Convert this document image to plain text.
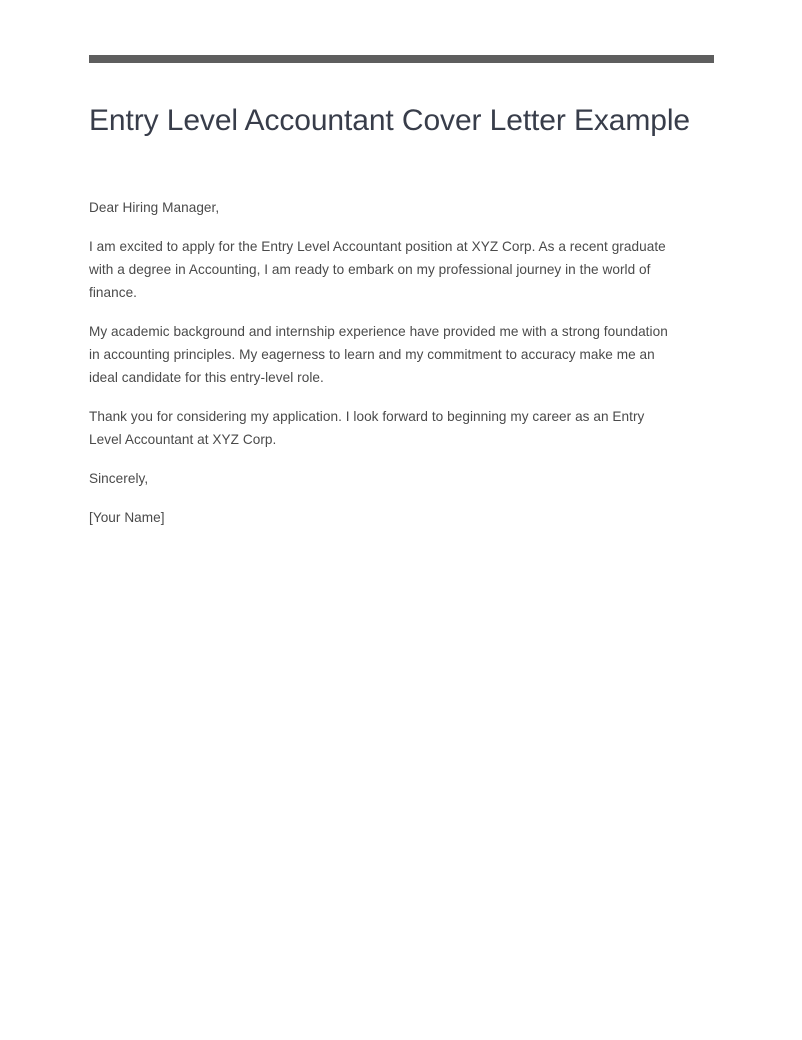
Entry Level Accountant Cover Letter Example

Dear Hiring Manager,

I am excited to apply for the Entry Level Accountant position at XYZ Corp. As a recent graduate with a degree in Accounting, I am ready to embark on my professional journey in the world of finance.

My academic background and internship experience have provided me with a strong foundation in accounting principles. My eagerness to learn and my commitment to accuracy make me an ideal candidate for this entry-level role.

Thank you for considering my application. I look forward to beginning my career as an Entry Level Accountant at XYZ Corp.

Sincerely,

[Your Name]
